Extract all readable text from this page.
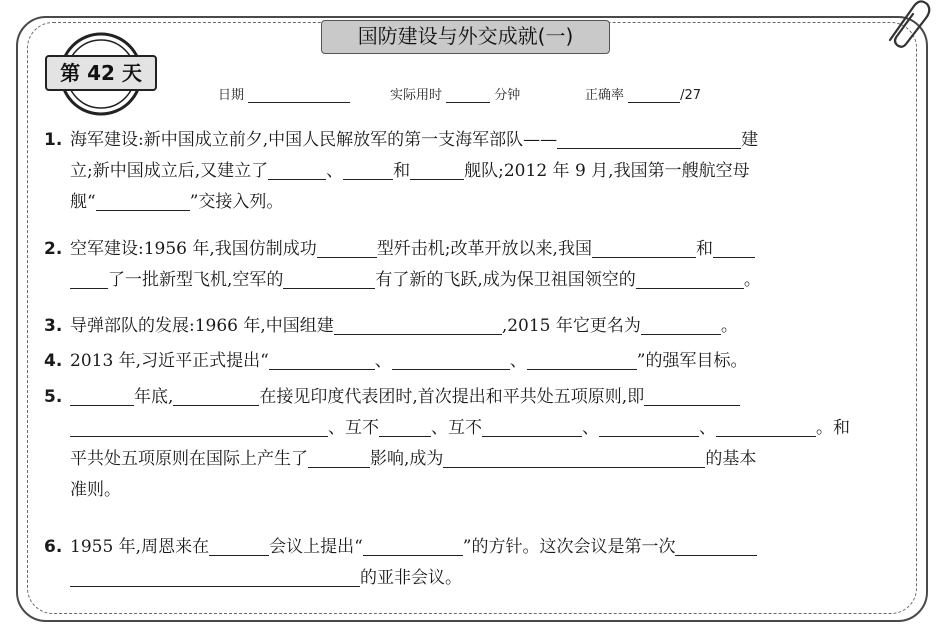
第 42 天
国防建设与外交成就(一)
日期	实际用时	分钟	正确率	/27
1. 海军建设:新中国成立前夕,中国人民解放军的第一支海军部队——	建
立;新中国成立后,又建立了	、	和	舰队;2012 年 9 月,我国第一艘航空母
舰“	”交接入列。
2. 空军建设:1956 年,我国仿制成功	型歼击机;改革开放以来,我国	和
了一批新型飞机,空军的	有了新的飞跃,成为保卫祖国领空的	。
3. 导弹部队的发展:1966 年,中国组建	,2015 年它更名为	。
4. 2013 年,习近平正式提出“	、	、	”的强军目标。
5.	年底,	在接见印度代表团时,首次提出和平共处五项原则,即
、互不	、互不	、	、	。和
平共处五项原则在国际上产生了	影响,成为	的基本
准则。
6. 1955 年,周恩来在	会议上提出“	”的方针。这次会议是第一次
的亚非会议。
